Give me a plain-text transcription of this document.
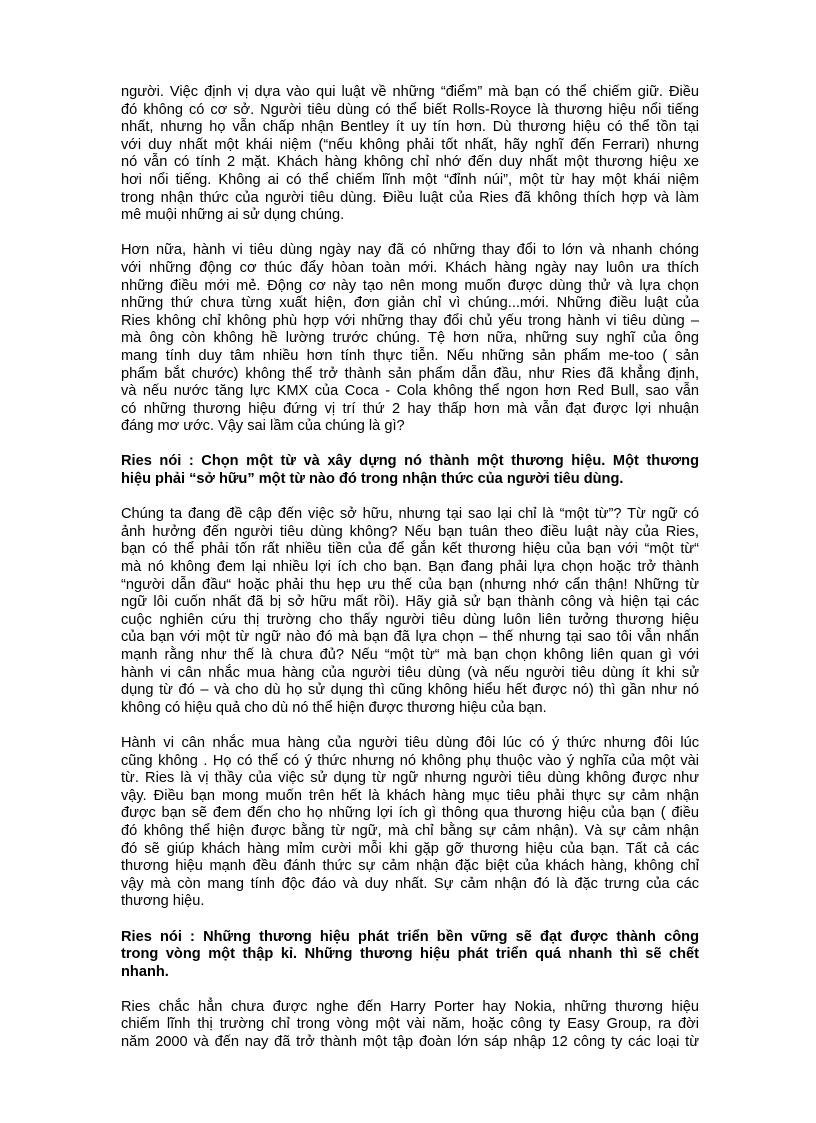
người. Việc định vị dựa vào qui luật về những “điểm” mà bạn có thể chiếm giữ. Điều
đó không có cơ sở. Người tiêu dùng có thể biết Rolls-Royce là thương hiệu nổi tiếng
nhất, nhưng họ vẫn chấp nhận Bentley ít uy tín hơn. Dù thương hiệu có thể tồn tại
với duy nhất một khái niệm (“nếu không phải tốt nhất, hãy nghĩ đến Ferrari) nhưng
nó vẫn có tính 2 mặt. Khách hàng không chỉ nhớ đến duy nhất một thương hiệu xe
hơi nổi tiếng. Không ai có thể chiếm lĩnh một “đỉnh núi”, một từ hay một khái niệm
trong nhận thức của người tiêu dùng. Điều luật của Ries đã không thích hợp và làm
mê muội những ai sử dụng chúng.
Hơn nữa, hành vi tiêu dùng ngày nay đã có những thay đổi to lớn và nhanh chóng
với những động cơ thúc đẩy hòan toàn mới. Khách hàng ngày nay luôn ưa thích
những điều mới mẻ. Động cơ này tạo nên mong muốn được dùng thử và lựa chọn
những thứ chưa từng xuất hiện, đơn giản chỉ vì chúng...mới. Những điều luật của
Ries không chỉ không phù hợp với những thay đổi chủ yếu trong hành vi tiêu dùng –
mà ông còn không hề lường trước chúng. Tệ hơn nữa, những suy nghĩ của ông
mang tính duy tâm nhiều hơn tính thực tiễn. Nếu những sản phẩm me-too ( sản
phẩm bắt chước) không thể trở thành sản phẩm dẫn đầu, như Ries đã khẳng định,
và nếu nước tăng lực KMX của Coca - Cola không thể ngon hơn Red Bull, sao vẫn
có những thương hiệu đứng vị trí thứ 2 hay thấp hơn mà vẫn đạt được lợi nhuận
đáng mơ ước. Vậy sai lầm của chúng là gì?
Ries nói : Chọn một từ và xây dựng nó thành một thương hiệu. Một thương
hiệu phải “sở hữu” một từ nào đó trong nhận thức của người tiêu dùng.
Chúng ta đang đề cập đến việc sở hữu, nhưng tại sao lại chỉ là “một từ”? Từ ngữ có
ảnh hưởng đến người tiêu dùng không? Nếu bạn tuân theo điều luật này của Ries,
bạn có thể phải tốn rất nhiều tiền của để gắn kết thương hiệu của bạn với “một từ“
mà nó không đem lại nhiều lợi ích cho bạn. Bạn đang phải lựa chọn hoặc trở thành
“người dẫn đầu“ hoặc phải thu hẹp ưu thế của bạn (nhưng nhớ cẩn thận! Những từ
ngữ lôi cuốn nhất đã bị sở hữu mất rồi). Hãy giả sử bạn thành công và hiện tại các
cuộc nghiên cứu thị trường cho thấy người tiêu dùng luôn liên tưởng thương hiệu
của bạn với một từ ngữ nào đó mà bạn đã lựa chọn – thế nhưng tại sao tôi vẫn nhấn
mạnh rằng như thế là chưa đủ? Nếu “một từ“ mà bạn chọn không liên quan gì với
hành vi cân nhắc mua hàng của người tiêu dùng (và nếu người tiêu dùng ít khi sử
dụng từ đó – và cho dù họ sử dụng thì cũng không hiểu hết được nó) thì gần như nó
không có hiệu quả cho dù nó thể hiện được thương hiệu của bạn.
Hành vi cân nhắc mua hàng của người tiêu dùng đôi lúc có ý thức nhưng đôi lúc
cũng không . Họ có thể có ý thức nhưng nó không phụ thuộc vào ý nghĩa của một vài
từ. Ries là vị thầy của việc sử dụng từ ngữ nhưng người tiêu dùng không được như
vậy. Điều bạn mong muốn trên hết là khách hàng mục tiêu phải thực sự cảm nhận
được bạn sẽ đem đến cho họ những lợi ích gì thông qua thương hiệu của bạn ( điều
đó không thể hiện được bằng từ ngữ, mà chỉ bằng sự cảm nhận). Và sự cảm nhận
đó sẽ giúp khách hàng mỉm cười mỗi khi gặp gỡ thương hiệu của bạn. Tất cả các
thương hiệu mạnh đều đánh thức sự cảm nhận đặc biệt của khách hàng, không chỉ
vậy mà còn mang tính độc đáo và duy nhất. Sự cảm nhận đó là đặc trưng của các
thương hiệu.
Ries nói : Những thương hiệu phát triển bền vững sẽ đạt được thành công
trong vòng một thập kỉ. Những thương hiệu phát triển quá nhanh thì sẽ chết
nhanh.
Ries chắc hẳn chưa được nghe đến Harry Porter hay Nokia, những thương hiệu
chiếm lĩnh thị trường chỉ trong vòng một vài năm, hoặc công ty Easy Group, ra đời
năm 2000 và đến nay đã trở thành một tập đoàn lớn sáp nhập 12 công ty các loại từ
